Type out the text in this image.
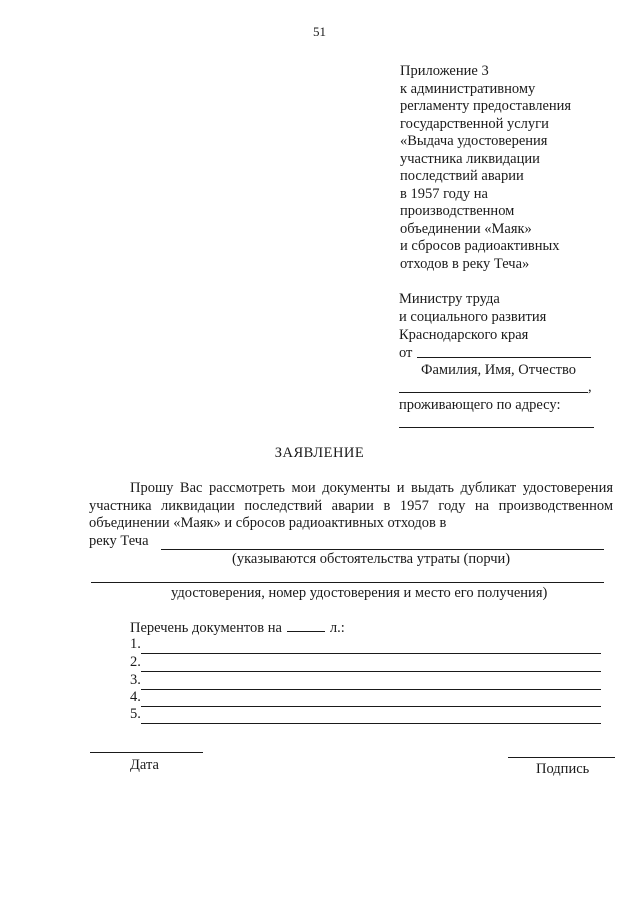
51
Приложение 3
к административному
регламенту предоставления
государственной услуги
«Выдача удостоверения
участника ликвидации
последствий аварии
в 1957 году на
производственном
объединении «Маяк»
и сбросов радиоактивных
отходов в реку Теча»
Министру труда
и социального развития
Краснодарского края
от
Фамилия, Имя, Отчество
,
проживающего по адресу:
ЗАЯВЛЕНИЕ

Прошу Вас рассмотреть мои документы и выдать дубликат удостоверения участника ликвидации последствий аварии в 1957 году на производственном объединении «Маяк» и сбросов радиоактивных отходов в

реку Теча
(указываются обстоятельства утраты (порчи)
удостоверения, номер удостоверения и место его получения)
Перечень документов на	л.:
1.
2.
3.
4.
5.
Дата	Подпись
